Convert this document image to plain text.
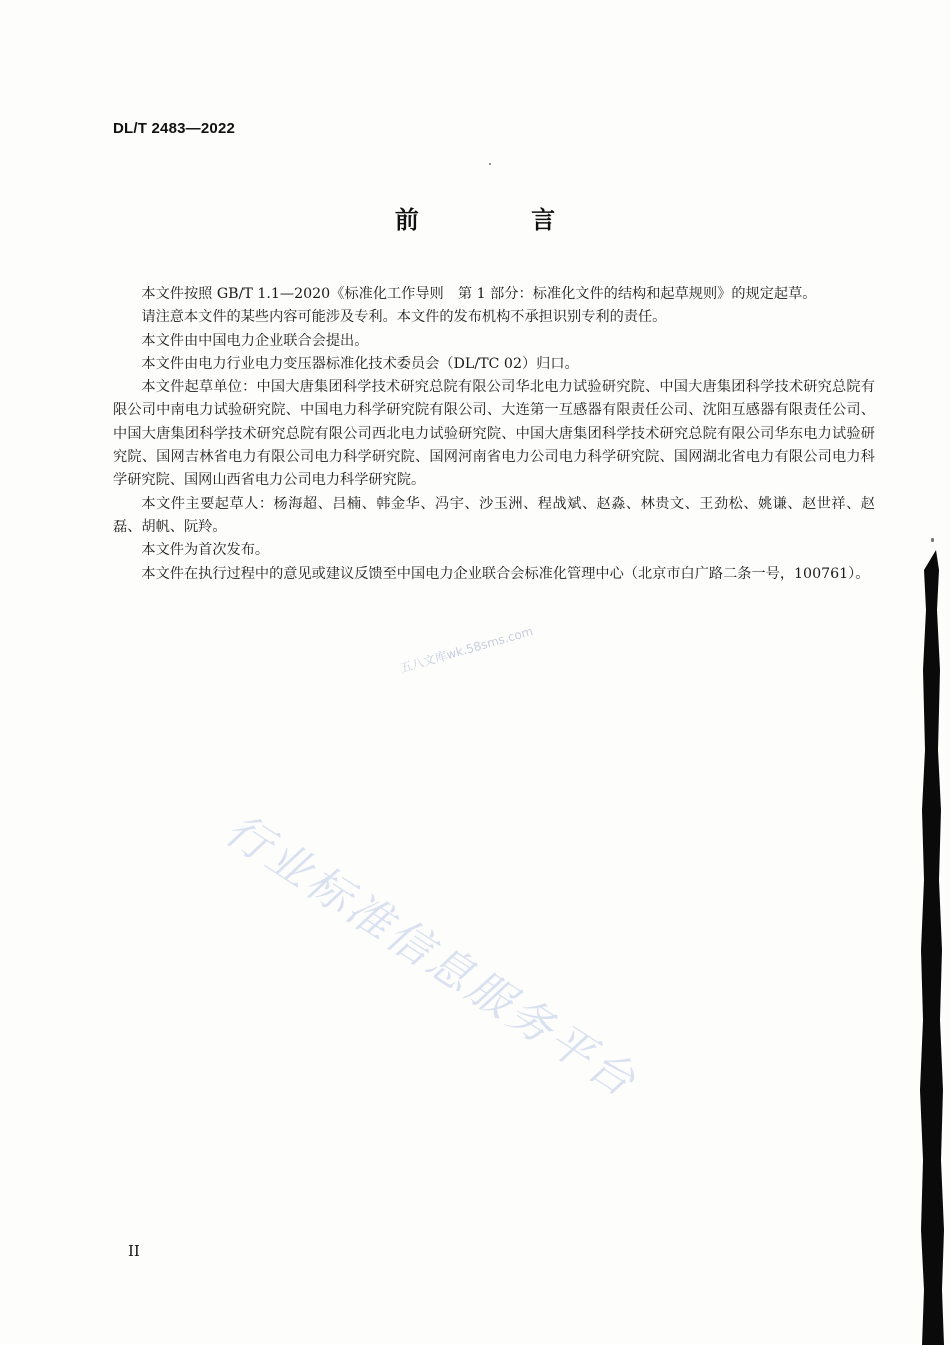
DL/T 2483—2022
前 言

本文件按照 GB/T 1.1—2020《标准化工作导则　第 1 部分：标准化文件的结构和起草规则》的规定起草。

请注意本文件的某些内容可能涉及专利。本文件的发布机构不承担识别专利的责任。

本文件由中国电力企业联合会提出。

本文件由电力行业电力变压器标准化技术委员会（DL/TC 02）归口。

本文件起草单位：中国大唐集团科学技术研究总院有限公司华北电力试验研究院、中国大唐集团科学技术研究总院有限公司中南电力试验研究院、中国电力科学研究院有限公司、大连第一互感器有限责任公司、沈阳互感器有限责任公司、中国大唐集团科学技术研究总院有限公司西北电力试验研究院、中国大唐集团科学技术研究总院有限公司华东电力试验研究院、国网吉林省电力有限公司电力科学研究院、国网河南省电力公司电力科学研究院、国网湖北省电力有限公司电力科学研究院、国网山西省电力公司电力科学研究院。

本文件主要起草人：杨海超、吕楠、韩金华、冯宇、沙玉洲、程战斌、赵淼、林贵文、王劲松、姚谦、赵世祥、赵磊、胡帆、阮羚。

本文件为首次发布。

本文件在执行过程中的意见或建议反馈至中国电力企业联合会标准化管理中心（北京市白广路二条一号，100761）。

五八文库wk.58sms.com
行业标准信息服务平台
II
